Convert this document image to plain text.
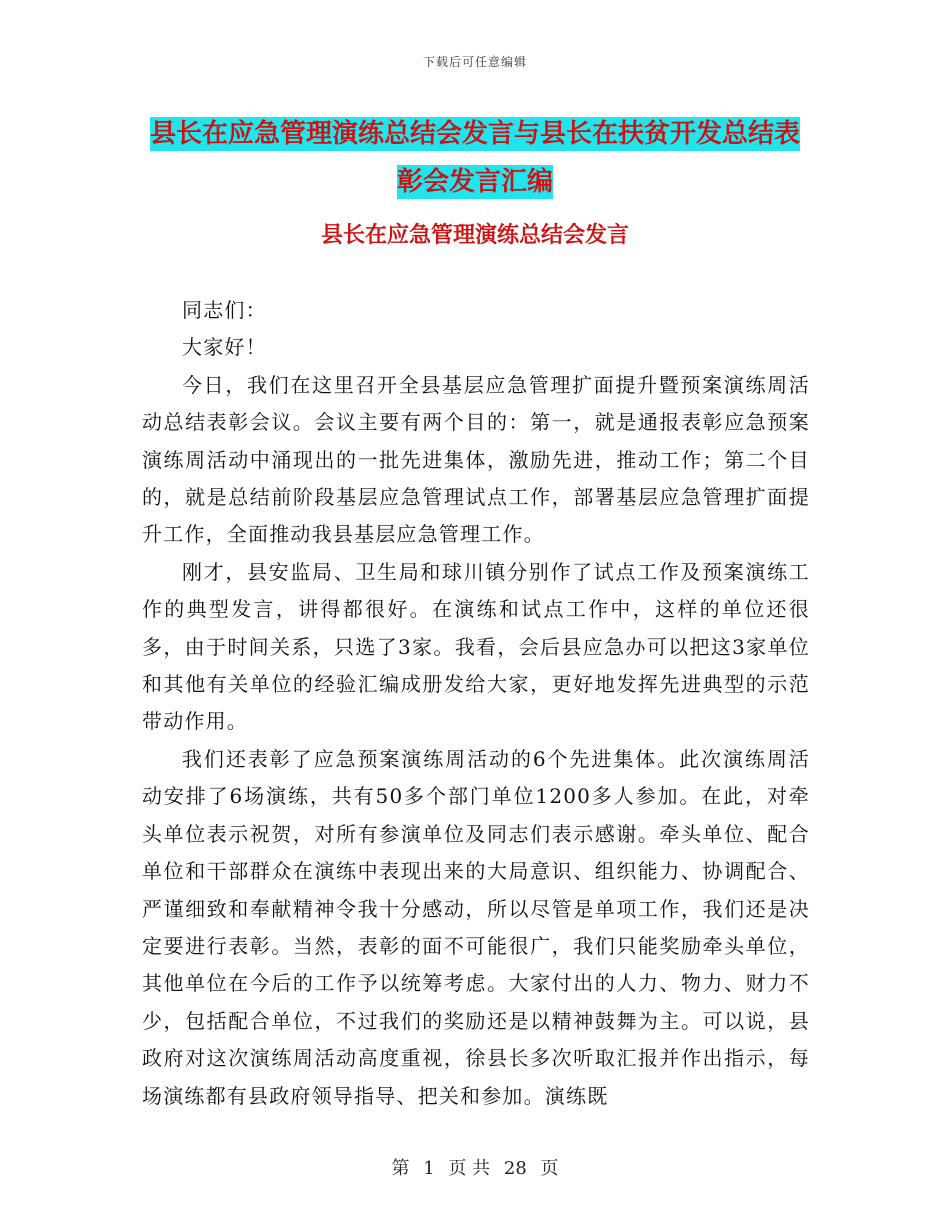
下载后可任意编辑
县长在应急管理演练总结会发言与县长在扶贫开发总结表彰会发言汇编
县长在应急管理演练总结会发言

同志们：

大家好！

今日，我们在这里召开全县基层应急管理扩面提升暨预案演练周活动总结表彰会议。会议主要有两个目的：第一，就是通报表彰应急预案演练周活动中涌现出的一批先进集体，激励先进，推动工作；第二个目的，就是总结前阶段基层应急管理试点工作，部署基层应急管理扩面提升工作，全面推动我县基层应急管理工作。

刚才，县安监局、卫生局和球川镇分别作了试点工作及预案演练工作的典型发言，讲得都很好。在演练和试点工作中，这样的单位还很多，由于时间关系，只选了3家。我看，会后县应急办可以把这3家单位和其他有关单位的经验汇编成册发给大家，更好地发挥先进典型的示范带动作用。

我们还表彰了应急预案演练周活动的6个先进集体。此次演练周活动安排了6场演练，共有50多个部门单位1200多人参加。在此，对牵头单位表示祝贺，对所有参演单位及同志们表示感谢。牵头单位、配合单位和干部群众在演练中表现出来的大局意识、组织能力、协调配合、严谨细致和奉献精神令我十分感动，所以尽管是单项工作，我们还是决定要进行表彰。当然，表彰的面不可能很广，我们只能奖励牵头单位，其他单位在今后的工作予以统筹考虑。大家付出的人力、物力、财力不少，包括配合单位，不过我们的奖励还是以精神鼓舞为主。可以说，县政府对这次演练周活动高度重视，徐县长多次听取汇报并作出指示，每场演练都有县政府领导指导、把关和参加。演练既

第 1 页 共 28 页
